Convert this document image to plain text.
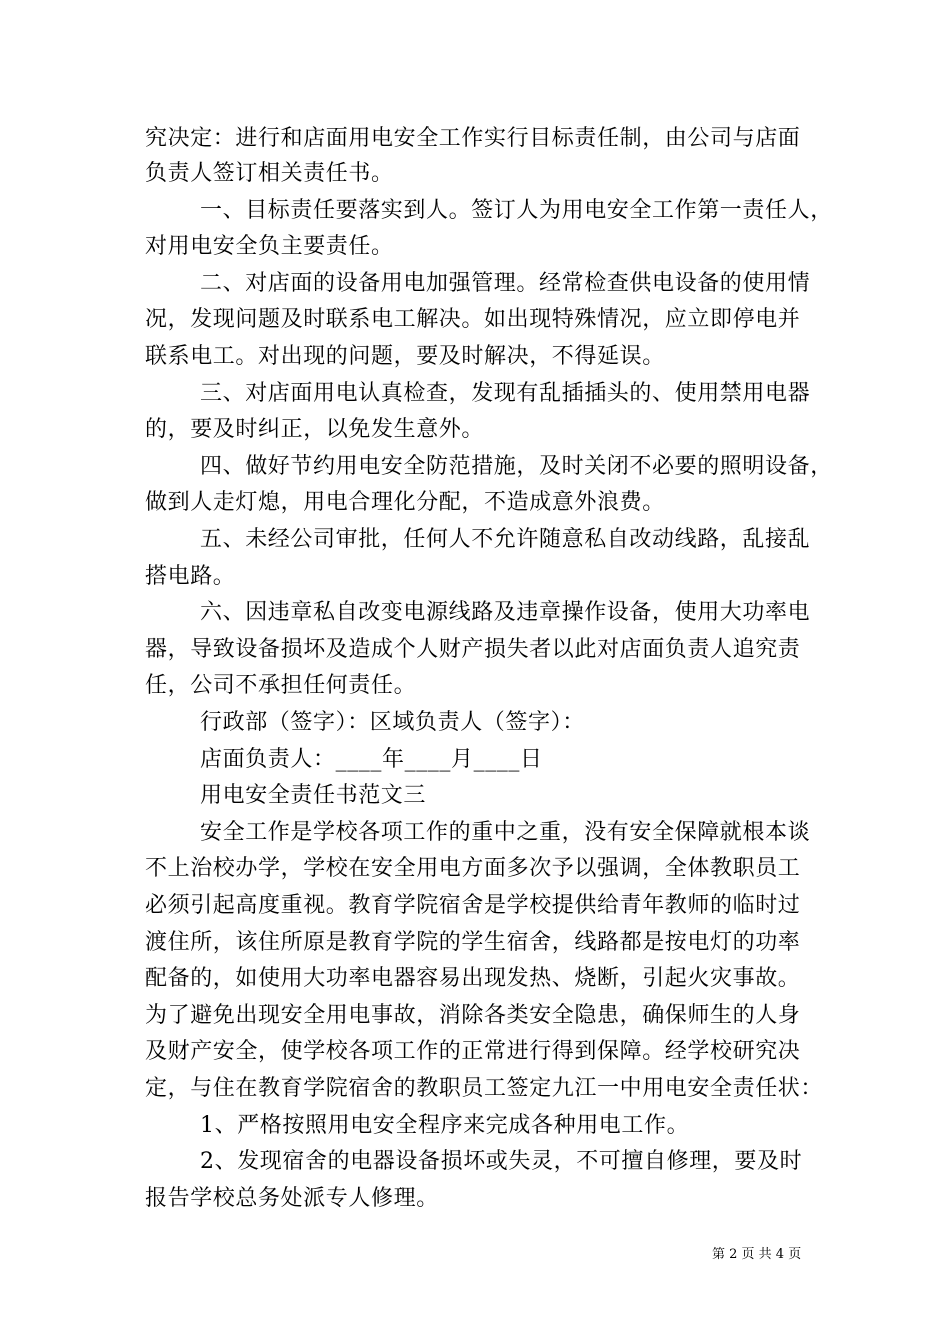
究决定：进行和店面用电安全工作实行目标责任制，由公司与店面
负责人签订相关责任书。
一、目标责任要落实到人。签订人为用电安全工作第一责任人，
对用电安全负主要责任。
二、对店面的设备用电加强管理。经常检查供电设备的使用情
况，发现问题及时联系电工解决。如出现特殊情况，应立即停电并
联系电工。对出现的问题，要及时解决，不得延误。
三、对店面用电认真检查，发现有乱插插头的、使用禁用电器
的，要及时纠正，以免发生意外。
四、做好节约用电安全防范措施，及时关闭不必要的照明设备，
做到人走灯熄，用电合理化分配，不造成意外浪费。
五、未经公司审批，任何人不允许随意私自改动线路，乱接乱
搭电路。
六、因违章私自改变电源线路及违章操作设备，使用大功率电
器，导致设备损坏及造成个人财产损失者以此对店面负责人追究责
任，公司不承担任何责任。
行政部（签字）：区域负责人（签字）：
店面负责人：____年____月____日
用电安全责任书范文三
安全工作是学校各项工作的重中之重，没有安全保障就根本谈
不上治校办学，学校在安全用电方面多次予以强调，全体教职员工
必须引起高度重视。教育学院宿舍是学校提供给青年教师的临时过
渡住所，该住所原是教育学院的学生宿舍，线路都是按电灯的功率
配备的，如使用大功率电器容易出现发热、烧断，引起火灾事故。
为了避免出现安全用电事故，消除各类安全隐患，确保师生的人身
及财产安全，使学校各项工作的正常进行得到保障。经学校研究决
定，与住在教育学院宿舍的教职员工签定九江一中用电安全责任状：
1、严格按照用电安全程序来完成各种用电工作。
2、发现宿舍的电器设备损坏或失灵，不可擅自修理，要及时
报告学校总务处派专人修理。
第 2 页 共 4 页
